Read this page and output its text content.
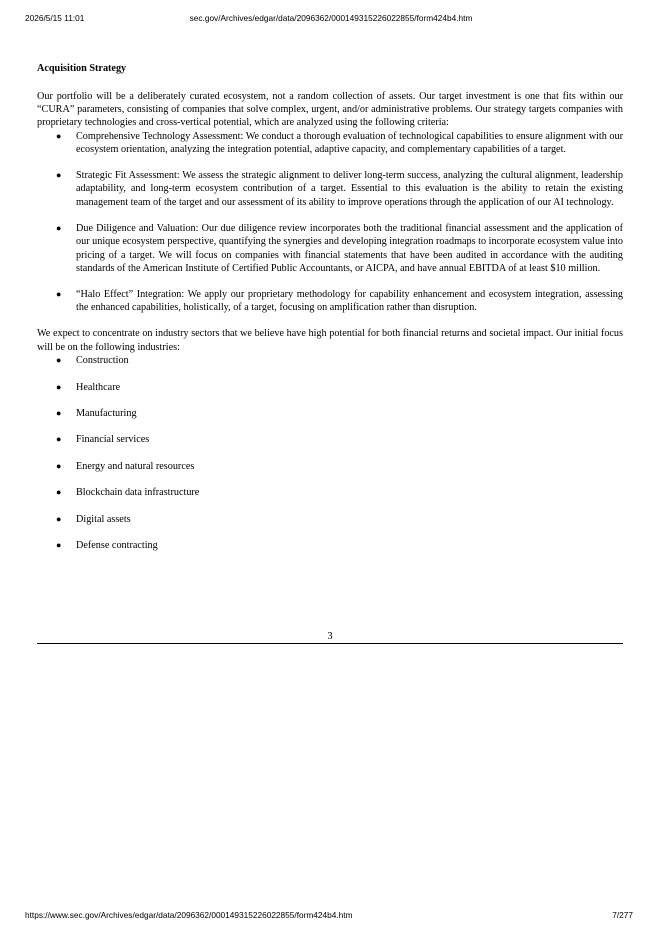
2026/5/15 11:01	sec.gov/Archives/edgar/data/2096362/000149315226022855/form424b4.htm

Acquisition Strategy

Our portfolio will be a deliberately curated ecosystem, not a random collection of assets. Our target investment is one that fits within our “CURA” parameters, consisting of companies that solve complex, urgent, and/or administrative problems. Our strategy targets companies with proprietary technologies and cross-vertical potential, which are analyzed using the following criteria:

● Comprehensive Technology Assessment: We conduct a thorough evaluation of technological capabilities to ensure alignment with our ecosystem orientation, analyzing the integration potential, adaptive capacity, and complementary capabilities of a target.
● Strategic Fit Assessment: We assess the strategic alignment to deliver long-term success, analyzing the cultural alignment, leadership adaptability, and long-term ecosystem contribution of a target. Essential to this evaluation is the ability to retain the existing management team of the target and our assessment of its ability to improve operations through the application of our AI technology.
● Due Diligence and Valuation: Our due diligence review incorporates both the traditional financial assessment and the application of our unique ecosystem perspective, quantifying the synergies and developing integration roadmaps to incorporate ecosystem value into pricing of a target. We will focus on companies with financial statements that have been audited in accordance with the auditing standards of the American Institute of Certified Public Accountants, or AICPA, and have annual EBITDA of at least $10 million.
● “Halo Effect” Integration: We apply our proprietary methodology for capability enhancement and ecosystem integration, assessing the enhanced capabilities, holistically, of a target, focusing on amplification rather than disruption.

We expect to concentrate on industry sectors that we believe have high potential for both financial returns and societal impact. Our initial focus will be on the following industries:

● Construction
● Healthcare
● Manufacturing
● Financial services
● Energy and natural resources
● Blockchain data infrastructure
● Digital assets
● Defense contracting
3
https://www.sec.gov/Archives/edgar/data/2096362/000149315226022855/form424b4.htm	7/277
